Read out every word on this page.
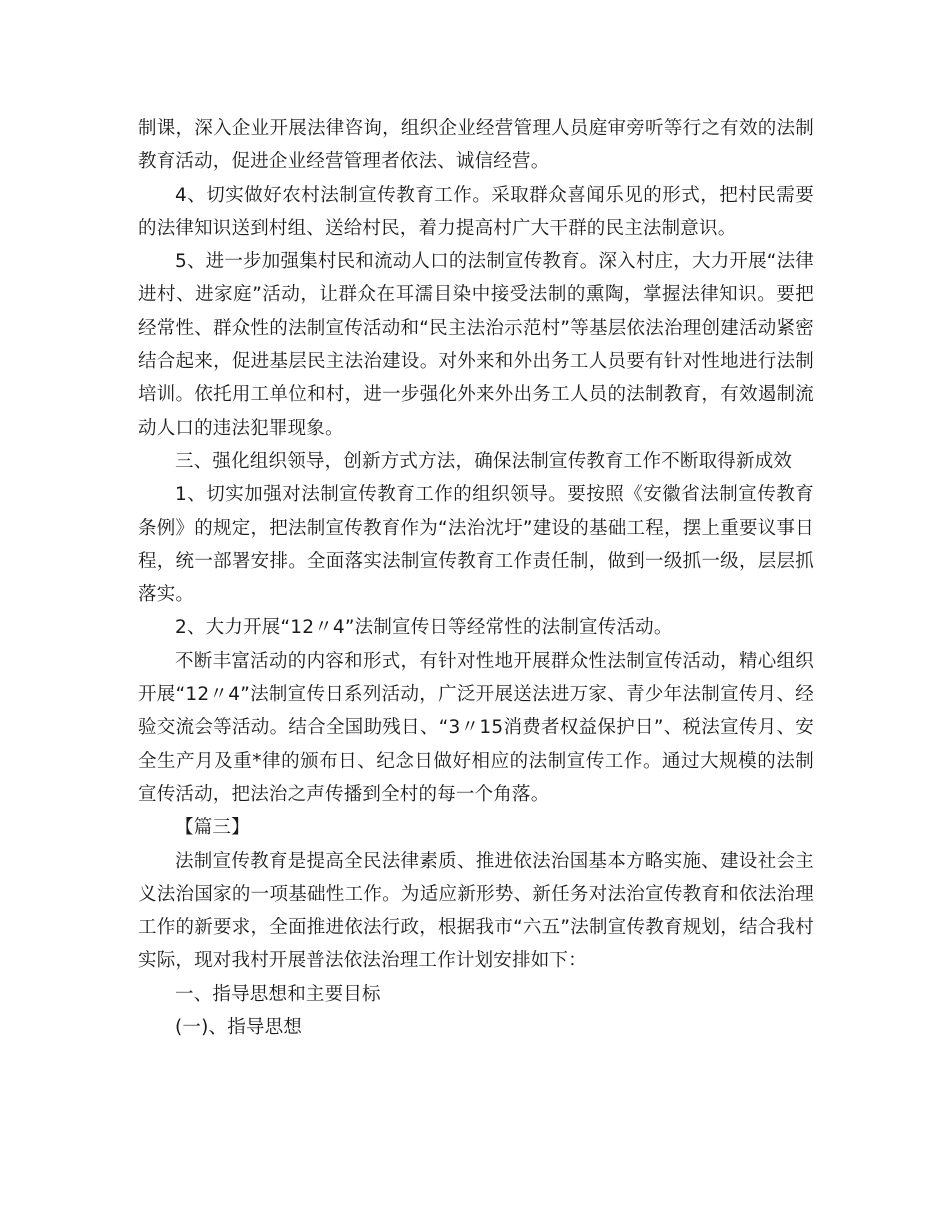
制课，深入企业开展法律咨询，组织企业经营管理人员庭审旁听等行之有效的法制教育活动，促进企业经营管理者依法、诚信经营。

4、切实做好农村法制宣传教育工作。采取群众喜闻乐见的形式，把村民需要的法律知识送到村组、送给村民，着力提高村广大干群的民主法制意识。

5、进一步加强集村民和流动人口的法制宣传教育。深入村庄，大力开展“法律进村、进家庭”活动，让群众在耳濡目染中接受法制的熏陶，掌握法律知识。要把经常性、群众性的法制宣传活动和“民主法治示范村”等基层依法治理创建活动紧密结合起来，促进基层民主法治建设。对外来和外出务工人员要有针对性地进行法制培训。依托用工单位和村，进一步强化外来外出务工人员的法制教育，有效遏制流动人口的违法犯罪现象。

三、强化组织领导，创新方式方法，确保法制宣传教育工作不断取得新成效

1、切实加强对法制宣传教育工作的组织领导。要按照《安徽省法制宣传教育条例》的规定，把法制宣传教育作为“法治沈圩”建设的基础工程，摆上重要议事日程，统一部署安排。全面落实法制宣传教育工作责任制，做到一级抓一级，层层抓落实。

2、大力开展“12〃4”法制宣传日等经常性的法制宣传活动。

不断丰富活动的内容和形式，有针对性地开展群众性法制宣传活动，精心组织开展“12〃4”法制宣传日系列活动，广泛开展送法进万家、青少年法制宣传月、经验交流会等活动。结合全国助残日、“3〃15消费者权益保护日”、税法宣传月、安全生产月及重*律的颁布日、纪念日做好相应的法制宣传工作。通过大规模的法制宣传活动，把法治之声传播到全村的每一个角落。

【篇三】

法制宣传教育是提高全民法律素质、推进依法治国基本方略实施、建设社会主义法治国家的一项基础性工作。为适应新形势、新任务对法治宣传教育和依法治理工作的新要求，全面推进依法行政，根据我市“六五”法制宣传教育规划，结合我村实际，现对我村开展普法依法治理工作计划安排如下：

一、指导思想和主要目标

(一)、指导思想
